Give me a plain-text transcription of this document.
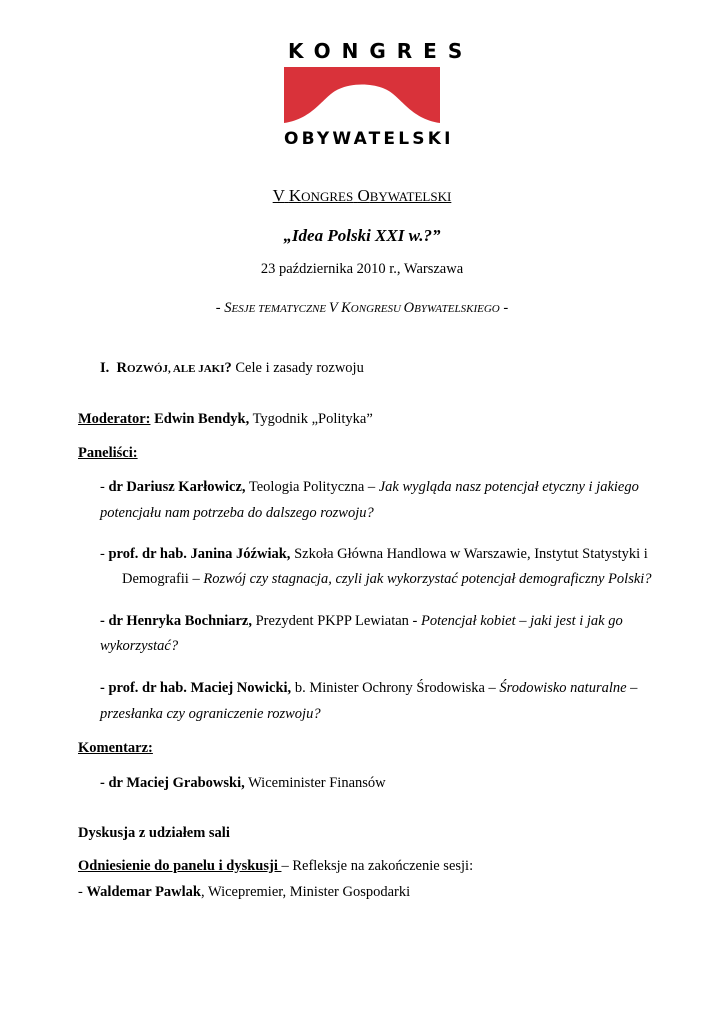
KONGRES
OBYWATELSKI
V KONGRES OBYWATELSKI
„Idea Polski XXI w.?”
23 października 2010 r., Warszawa
- SESJE TEMATYCZNE V KONGRESU OBYWATELSKIEGO -
I. ROZWÓJ, ALE JAKI? Cele i zasady rozwoju
Moderator: Edwin Bendyk, Tygodnik „Polityka”
Paneliści:
- dr Dariusz Karłowicz, Teologia Polityczna – Jak wygląda nasz potencjał etyczny i jakiego
potencjału nam potrzeba do dalszego rozwoju?
- prof. dr hab. Janina Jóźwiak, Szkoła Główna Handlowa w Warszawie, Instytut Statystyki i
Demografii – Rozwój czy stagnacja, czyli jak wykorzystać potencjał demograficzny Polski?
- dr Henryka Bochniarz, Prezydent PKPP Lewiatan - Potencjał kobiet – jaki jest i jak go
wykorzystać?
- prof. dr hab. Maciej Nowicki, b. Minister Ochrony Środowiska – Środowisko naturalne –
przesłanka czy ograniczenie rozwoju?
Komentarz:
- dr Maciej Grabowski, Wiceminister Finansów
Dyskusja z udziałem sali
Odniesienie do panelu i dyskusji – Refleksje na zakończenie sesji:
- Waldemar Pawlak, Wicepremier, Minister Gospodarki
